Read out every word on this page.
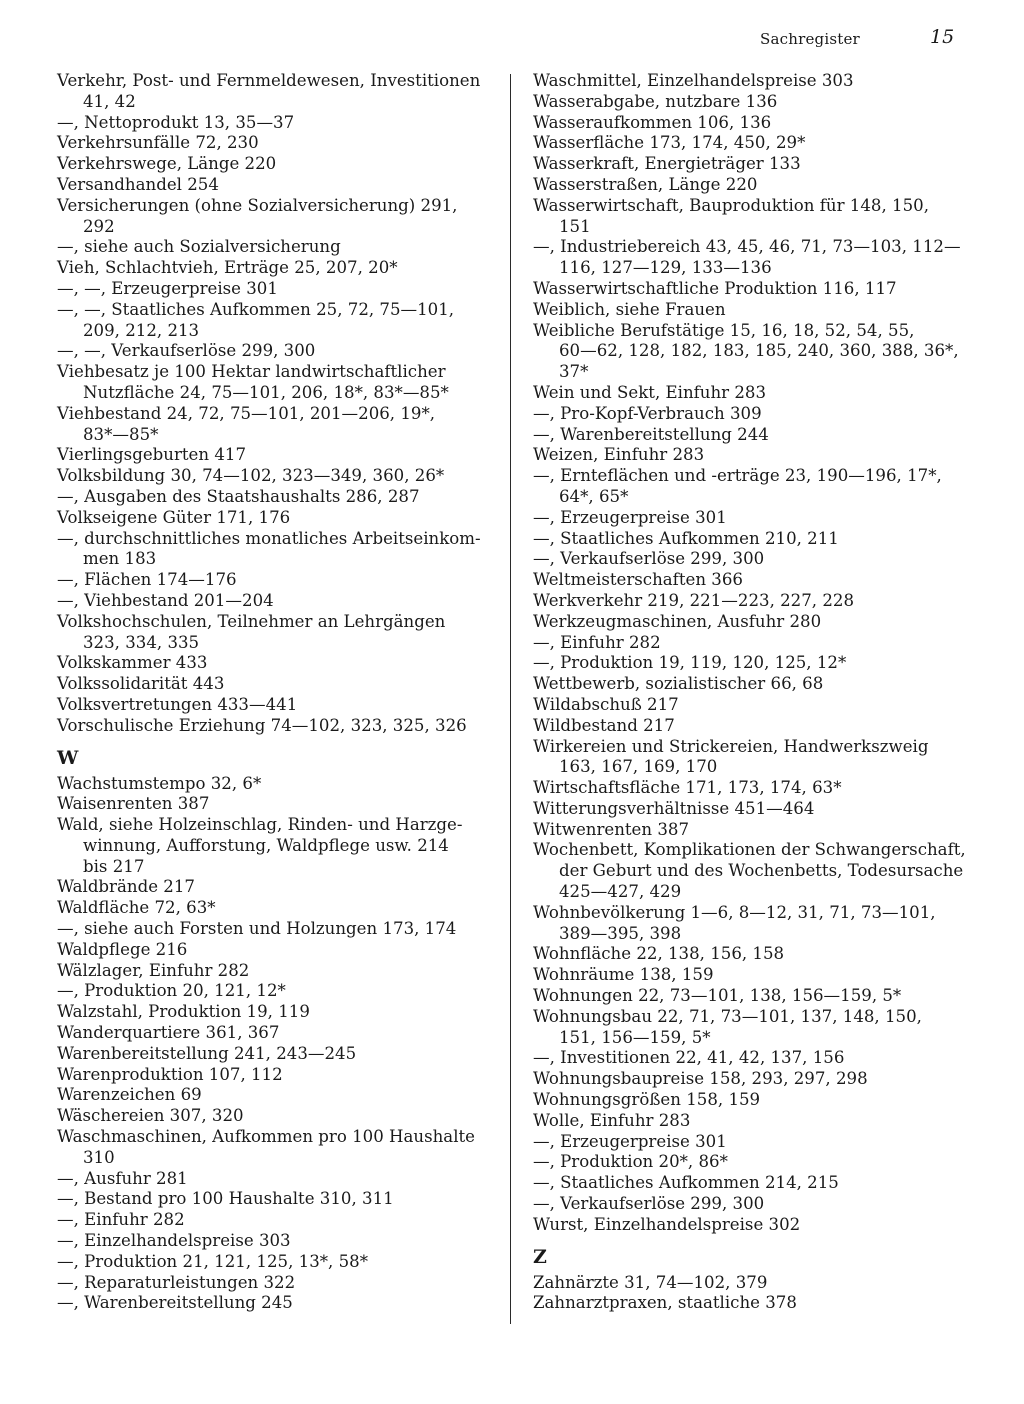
Sachregister	15
Verkehr, Post- und Fernmeldewesen, Investitionen
41, 42
—, Nettoprodukt 13, 35—37
Verkehrsunfälle 72, 230
Verkehrswege, Länge 220
Versandhandel 254
Versicherungen (ohne Sozialversicherung) 291,
292
—, siehe auch Sozialversicherung
Vieh, Schlachtvieh, Erträge 25, 207, 20*
—, —, Erzeugerpreise 301
—, —, Staatliches Aufkommen 25, 72, 75—101,
209, 212, 213
—, —, Verkaufserlöse 299, 300
Viehbesatz je 100 Hektar landwirtschaftlicher
Nutzfläche 24, 75—101, 206, 18*, 83*—85*
Viehbestand 24, 72, 75—101, 201—206, 19*,
83*—85*
Vierlingsgeburten 417
Volksbildung 30, 74—102, 323—349, 360, 26*
—, Ausgaben des Staatshaushalts 286, 287
Volkseigene Güter 171, 176
—, durchschnittliches monatliches Arbeitseinkom-
men 183
—, Flächen 174—176
—, Viehbestand 201—204
Volkshochschulen, Teilnehmer an Lehrgängen
323, 334, 335
Volkskammer 433
Volkssolidarität 443
Volksvertretungen 433—441
Vorschulische Erziehung 74—102, 323, 325, 326
W
Wachstumstempo 32, 6*
Waisenrenten 387
Wald, siehe Holzeinschlag, Rinden- und Harzge-
winnung, Aufforstung, Waldpflege usw. 214
bis 217
Waldbrände 217
Waldfläche 72, 63*
—, siehe auch Forsten und Holzungen 173, 174
Waldpflege 216
Wälzlager, Einfuhr 282
—, Produktion 20, 121, 12*
Walzstahl, Produktion 19, 119
Wanderquartiere 361, 367
Warenbereitstellung 241, 243—245
Warenproduktion 107, 112
Warenzeichen 69
Wäschereien 307, 320
Waschmaschinen, Aufkommen pro 100 Haushalte
310
—, Ausfuhr 281
—, Bestand pro 100 Haushalte 310, 311
—, Einfuhr 282
—, Einzelhandelspreise 303
—, Produktion 21, 121, 125, 13*, 58*
—, Reparaturleistungen 322
—, Warenbereitstellung 245
Waschmittel, Einzelhandelspreise 303
Wasserabgabe, nutzbare 136
Wasseraufkommen 106, 136
Wasserfläche 173, 174, 450, 29*
Wasserkraft, Energieträger 133
Wasserstraßen, Länge 220
Wasserwirtschaft, Bauproduktion für 148, 150,
151
—, Industriebereich 43, 45, 46, 71, 73—103, 112—
116, 127—129, 133—136
Wasserwirtschaftliche Produktion 116, 117
Weiblich, siehe Frauen
Weibliche Berufstätige 15, 16, 18, 52, 54, 55,
60—62, 128, 182, 183, 185, 240, 360, 388, 36*,
37*
Wein und Sekt, Einfuhr 283
—, Pro-Kopf-Verbrauch 309
—, Warenbereitstellung 244
Weizen, Einfuhr 283
—, Ernteflächen und -erträge 23, 190—196, 17*,
64*, 65*
—, Erzeugerpreise 301
—, Staatliches Aufkommen 210, 211
—, Verkaufserlöse 299, 300
Weltmeisterschaften 366
Werkverkehr 219, 221—223, 227, 228
Werkzeugmaschinen, Ausfuhr 280
—, Einfuhr 282
—, Produktion 19, 119, 120, 125, 12*
Wettbewerb, sozialistischer 66, 68
Wildabschuß 217
Wildbestand 217
Wirkereien und Strickereien, Handwerkszweig
163, 167, 169, 170
Wirtschaftsfläche 171, 173, 174, 63*
Witterungsverhältnisse 451—464
Witwenrenten 387
Wochenbett, Komplikationen der Schwangerschaft,
der Geburt und des Wochenbetts, Todesursache
425—427, 429
Wohnbevölkerung 1—6, 8—12, 31, 71, 73—101,
389—395, 398
Wohnfläche 22, 138, 156, 158
Wohnräume 138, 159
Wohnungen 22, 73—101, 138, 156—159, 5*
Wohnungsbau 22, 71, 73—101, 137, 148, 150,
151, 156—159, 5*
—, Investitionen 22, 41, 42, 137, 156
Wohnungsbaupreise 158, 293, 297, 298
Wohnungsgrößen 158, 159
Wolle, Einfuhr 283
—, Erzeugerpreise 301
—, Produktion 20*, 86*
—, Staatliches Aufkommen 214, 215
—, Verkaufserlöse 299, 300
Wurst, Einzelhandelspreise 302
Z
Zahnärzte 31, 74—102, 379
Zahnarztpraxen, staatliche 378
